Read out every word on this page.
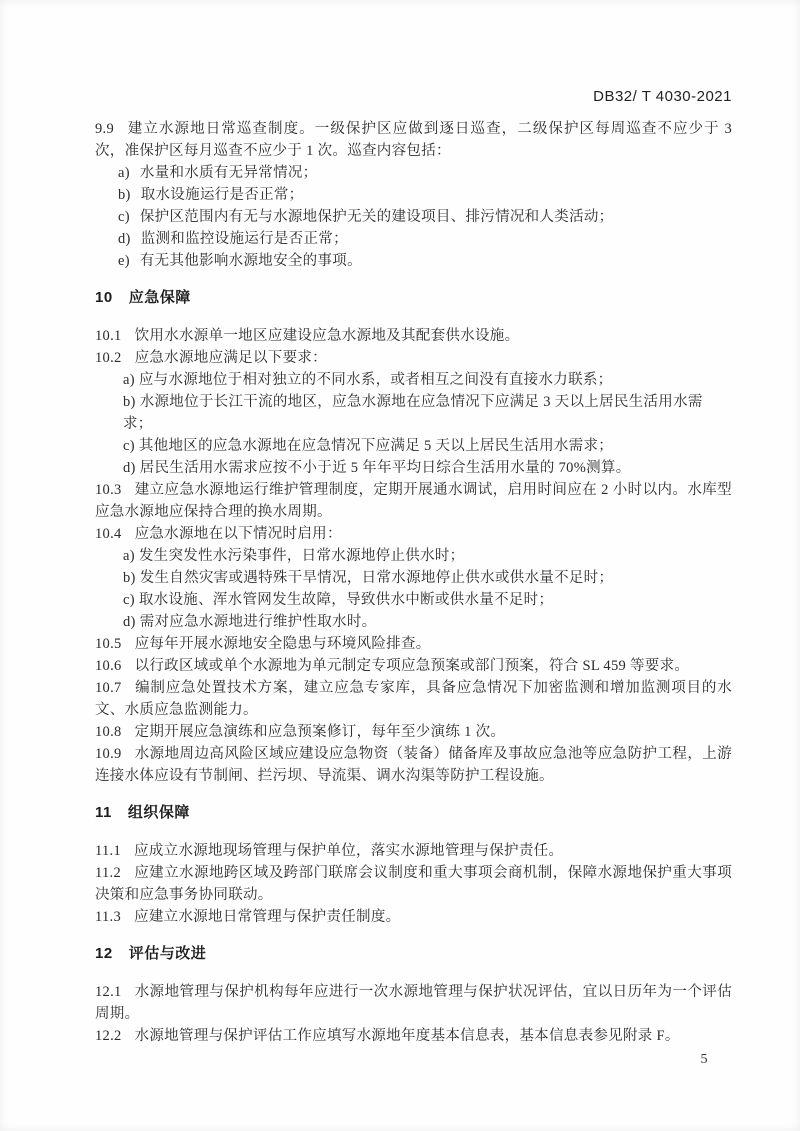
DB32/ T 4030-2021

9.9 建立水源地日常巡查制度。一级保护区应做到逐日巡查，二级保护区每周巡查不应少于 3 次，准保护区每月巡查不应少于 1 次。巡查内容包括：

a) 水量和水质有无异常情况；

b) 取水设施运行是否正常；

c) 保护区范围内有无与水源地保护无关的建设项目、排污情况和人类活动；

d) 监测和监控设施运行是否正常；

e) 有无其他影响水源地安全的事项。

10 应急保障

10.1 饮用水水源单一地区应建设应急水源地及其配套供水设施。

10.2 应急水源地应满足以下要求：

a) 应与水源地位于相对独立的不同水系，或者相互之间没有直接水力联系；

b) 水源地位于长江干流的地区，应急水源地在应急情况下应满足 3 天以上居民生活用水需求；

c) 其他地区的应急水源地在应急情况下应满足 5 天以上居民生活用水需求；

d) 居民生活用水需求应按不小于近 5 年年平均日综合生活用水量的 70%测算。

10.3 建立应急水源地运行维护管理制度，定期开展通水调试，启用时间应在 2 小时以内。水库型应急水源地应保持合理的换水周期。

10.4 应急水源地在以下情况时启用：

a) 发生突发性水污染事件，日常水源地停止供水时；

b) 发生自然灾害或遇特殊干旱情况，日常水源地停止供水或供水量不足时；

c) 取水设施、浑水管网发生故障，导致供水中断或供水量不足时；

d) 需对应急水源地进行维护性取水时。

10.5 应每年开展水源地安全隐患与环境风险排查。

10.6 以行政区域或单个水源地为单元制定专项应急预案或部门预案，符合 SL 459 等要求。

10.7 编制应急处置技术方案，建立应急专家库，具备应急情况下加密监测和增加监测项目的水文、水质应急监测能力。

10.8 定期开展应急演练和应急预案修订，每年至少演练 1 次。

10.9 水源地周边高风险区域应建设应急物资（装备）储备库及事故应急池等应急防护工程，上游连接水体应设有节制闸、拦污坝、导流渠、调水沟渠等防护工程设施。

11 组织保障

11.1 应成立水源地现场管理与保护单位，落实水源地管理与保护责任。

11.2 应建立水源地跨区域及跨部门联席会议制度和重大事项会商机制，保障水源地保护重大事项决策和应急事务协同联动。

11.3 应建立水源地日常管理与保护责任制度。

12 评估与改进

12.1 水源地管理与保护机构每年应进行一次水源地管理与保护状况评估，宜以日历年为一个评估周期。

12.2 水源地管理与保护评估工作应填写水源地年度基本信息表，基本信息表参见附录 F。

5
